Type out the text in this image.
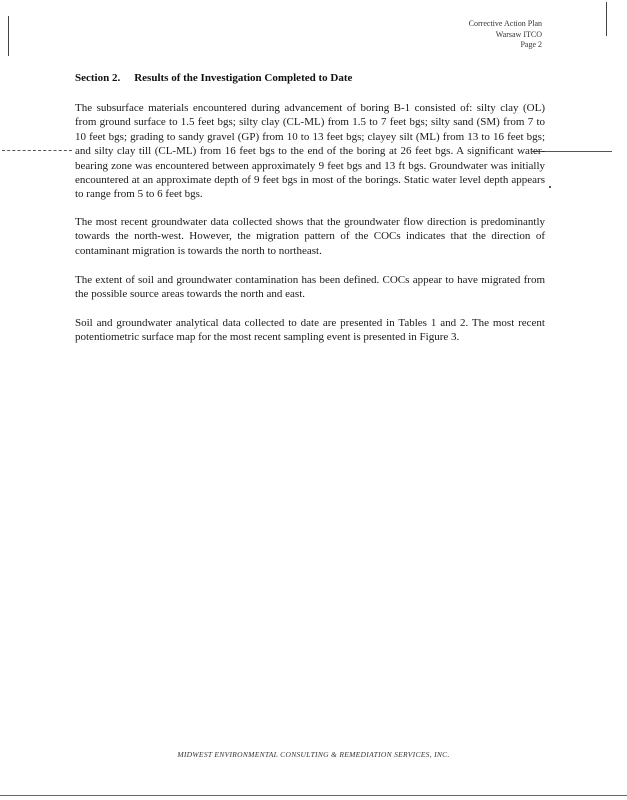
Corrective Action Plan
Warsaw ITCO
Page 2
Section 2. Results of the Investigation Completed to Date

The subsurface materials encountered during advancement of boring B-1 consisted of: silty clay (OL) from ground surface to 1.5 feet bgs; silty clay (CL-ML) from 1.5 to 7 feet bgs; silty sand (SM) from 7 to 10 feet bgs; grading to sandy gravel (GP) from 10 to 13 feet bgs; clayey silt (ML) from 13 to 16 feet bgs; and silty clay till (CL-ML) from 16 feet bgs to the end of the boring at 26 feet bgs. A significant water-bearing zone was encountered between approximately 9 feet bgs and 13 ft bgs. Groundwater was initially encountered at an approximate depth of 9 feet bgs in most of the borings. Static water level depth appears to range from 5 to 6 feet bgs.

The most recent groundwater data collected shows that the groundwater flow direction is predominantly towards the north-west. However, the migration pattern of the COCs indicates that the direction of contaminant migration is towards the north to northeast.

The extent of soil and groundwater contamination has been defined. COCs appear to have migrated from the possible source areas towards the north and east.

Soil and groundwater analytical data collected to date are presented in Tables 1 and 2. The most recent potentiometric surface map for the most recent sampling event is presented in Figure 3.

MIDWEST ENVIRONMENTAL CONSULTING & REMEDIATION SERVICES, INC.
